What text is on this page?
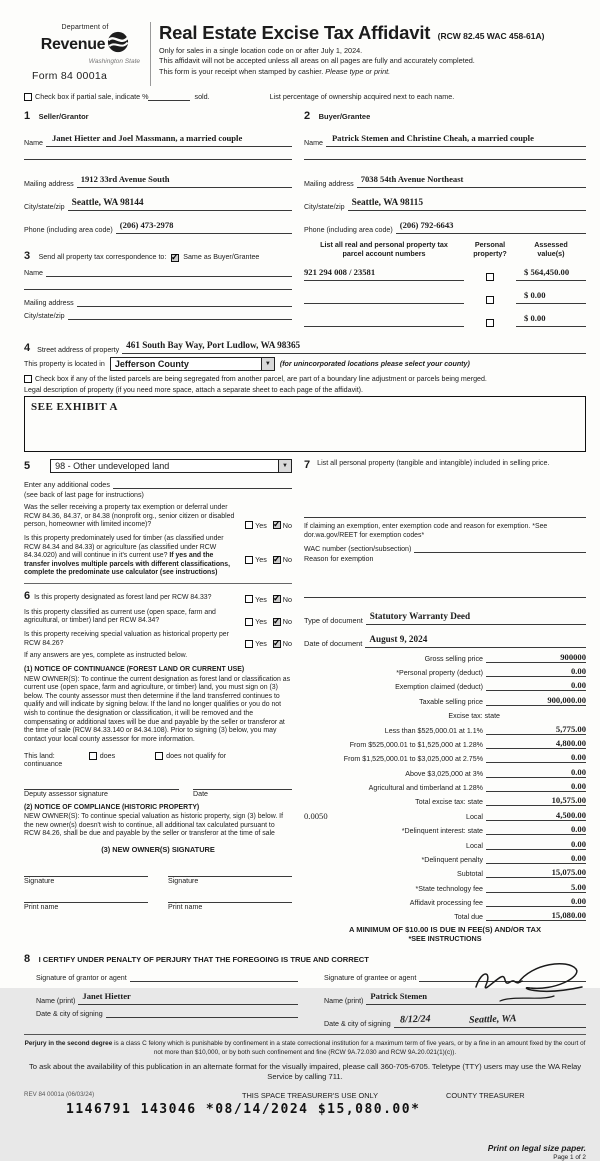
Department of
Revenue
Washington State
Form 84 0001a
Real Estate Excise Tax Affidavit (RCW 82.45 WAC 458-61A)
Only for sales in a single location code on or after July 1, 2024.
This affidavit will not be accepted unless all areas on all pages are fully and accurately completed.
This form is your receipt when stamped by cashier. Please type or print.
Check box if partial sale, indicate %	sold.	List percentage of ownership acquired next to each name.
1 Seller/Grantor
Name	Janet Hietter and Joel Massmann, a married couple
Mailing address 1912 33rd Avenue South
City/state/zip Seattle, WA 98144
Phone (including area code) (206) 473-2978
3 Send all property tax correspondence to: ✓ Same as Buyer/Grantee
Name
Mailing address
City/state/zip
2 Buyer/Grantee
Name	Patrick Stemen and Christine Cheah, a married couple
Mailing address 7038 54th Avenue Northeast
City/state/zip Seattle, WA 98115
Phone (including area code) (206) 792-6643
List all real and personal property tax
parcel account numbers
Personal
property?
Assessed
value(s)
921 294 008 / 23581	$ 564,450.00
$ 0.00
$ 0.00
4 Street address of property 461 South Bay Way, Port Ludlow, WA 98365
This property is located in	Jefferson County	▼	(for unincorporated locations please select your county)
Check box if any of the listed parcels are being segregated from another parcel, are part of a boundary line adjustment or parcels being merged.
Legal description of property (if you need more space, attach a separate sheet to each page of the affidavit).
SEE EXHIBIT A
5	98 - Other undeveloped land	▼
Enter any additional codes
(see back of last page for instructions)
Was the seller receiving a property tax exemption or deferral under RCW 84.36, 84.37, or 84.38 (nonprofit org., senior citizen or disabled person, homeowner with limited income)?	Yes ✓ No
Is this property predominately used for timber (as classified under RCW 84.34 and 84.33) or agriculture (as classified under RCW 84.34.020) and will continue in it's current use? If yes and the transfer involves multiple parcels with different classifications, complete the predominate use calculator (see instructions)
Yes ✓ No
6 Is this property designated as forest land per RCW 84.33?	Yes ✓ No
Is this property classified as current use (open space, farm and agricultural, or timber) land per RCW 84.34?	Yes ✓ No
Is this property receiving special valuation as historical property per RCW 84.26?	Yes ✓ No
If any answers are yes, complete as instructed below.
(1) NOTICE OF CONTINUANCE (FOREST LAND OR CURRENT USE)
NEW OWNER(S): To continue the current designation as forest land or classification as current use (open space, farm and agriculture, or timber) land, you must sign on (3) below. The county assessor must then determine if the land transferred continues to qualify and will indicate by signing below. If the land no longer qualifies or you do not wish to continue the designation or classification, it will be removed and the compensating or additional taxes will be due and payable by the seller or transferor at the time of sale (RCW 84.33.140 or 84.34.108). Prior to signing (3) below, you may contact your local county assessor for more information.
This land:	does	does not qualify for
continuance
Deputy assessor signature	Date
(2) NOTICE OF COMPLIANCE (HISTORIC PROPERTY)
NEW OWNER(S): To continue special valuation as historic property, sign (3) below. If the new owner(s) doesn't wish to continue, all additional tax calculated pursuant to RCW 84.26, shall be due and payable by the seller or transferor at the time of sale
(3) NEW OWNER(S) SIGNATURE
Signature	Signature
Print name	Print name
7 List all personal property (tangible and intangible) included in selling price.
If claiming an exemption, enter exemption code and reason for exemption. *See dor.wa.gov/REET for exemption codes*
WAC number (section/subsection)
Reason for exemption
Type of document Statutory Warranty Deed
Date of document August 9, 2024
Gross selling price	900000
*Personal property (deduct)	0.00
Exemption claimed (deduct)	0.00
Taxable selling price	900,000.00
Excise tax: state
Less than $525,000.01 at 1.1%	5,775.00
From $525,000.01 to $1,525,000 at 1.28%	4,800.00
From $1,525,000.01 to $3,025,000 at 2.75%	0.00
Above $3,025,000 at 3%	0.00
Agricultural and timberland at 1.28%	0.00
Total excise tax: state	10,575.00
0.0050	Local	4,500.00
*Delinquent interest: state	0.00
Local	0.00
*Delinquent penalty	0.00
Subtotal	15,075.00
*State technology fee	5.00
Affidavit processing fee	0.00
Total due	15,080.00
A MINIMUM OF $10.00 IS DUE IN FEE(S) AND/OR TAX
*SEE INSTRUCTIONS
8 I CERTIFY UNDER PENALTY OF PERJURY THAT THE FOREGOING IS TRUE AND CORRECT
Signature of grantor or agent
Name (print) Janet Hietter
Date & city of signing
Signature of grantee or agent
Name (print) Patrick Stemen
Date & city of signing 8/12/24	Seattle, WA
Perjury in the second degree is a class C felony which is punishable by confinement in a state correctional institution for a maximum term of five years, or by a fine in an amount fixed by the court of not more than $10,000, or by both such confinement and fine (RCW 9A.72.030 and RCW 9A.20.021(1)(c)).
To ask about the availability of this publication in an alternate format for the visually impaired, please call 360-705-6705. Teletype (TTY) users may use the WA Relay Service by calling 711.
REV 84 0001a (06/03/24)	THIS SPACE TREASURER'S USE ONLY	COUNTY TREASURER
1146791 143046 *08/14/2024 $15,080.00*
Print on legal size paper.
Page 1 of 2
